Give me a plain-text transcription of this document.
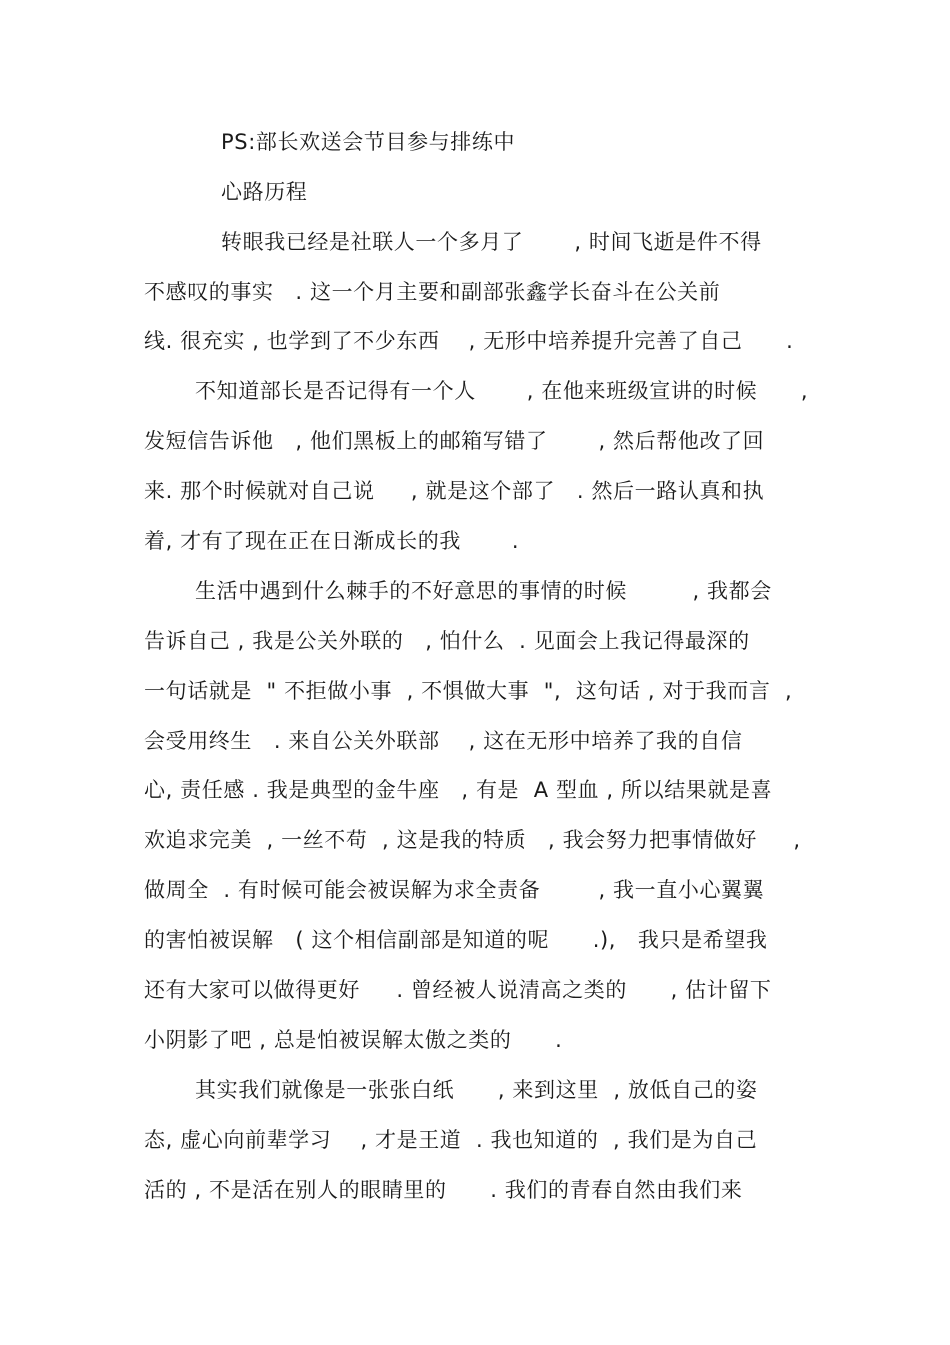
PS:部长欢送会节目参与排练中
心路历程
转眼我已经是社联人一个多月了       , 时间飞逝是件不得
不感叹的事实   . 这一个月主要和副部张鑫学长奋斗在公关前
线. 很充实 , 也学到了不少东西    , 无形中培养提升完善了自己      .
不知道部长是否记得有一个人       , 在他来班级宣讲的时候      ,
发短信告诉他   , 他们黑板上的邮箱写错了       , 然后帮他改了回
来. 那个时候就对自己说     , 就是这个部了   . 然后一路认真和执
着, 才有了现在正在日渐成长的我       .
生活中遇到什么棘手的不好意思的事情的时候         , 我都会
告诉自己 , 我是公关外联的   , 怕什么  . 见面会上我记得最深的
一句话就是  " 不拒做小事  , 不惧做大事  ",  这句话 , 对于我而言  ,
会受用终生   . 来自公关外联部    , 这在无形中培养了我的自信
心, 责任感 . 我是典型的金牛座   , 有是  A 型血 , 所以结果就是喜
欢追求完美  , 一丝不苟  , 这是我的特质   , 我会努力把事情做好     ,
做周全  . 有时候可能会被误解为求全责备        , 我一直小心翼翼
的害怕被误解   ( 这个相信副部是知道的呢      .),   我只是希望我
还有大家可以做得更好     . 曾经被人说清高之类的      , 估计留下
小阴影了吧 , 总是怕被误解太傲之类的      .
其实我们就像是一张张白纸      , 来到这里  , 放低自己的姿
态, 虚心向前辈学习    , 才是王道  . 我也知道的  , 我们是为自己
活的 , 不是活在别人的眼睛里的      . 我们的青春自然由我们来
